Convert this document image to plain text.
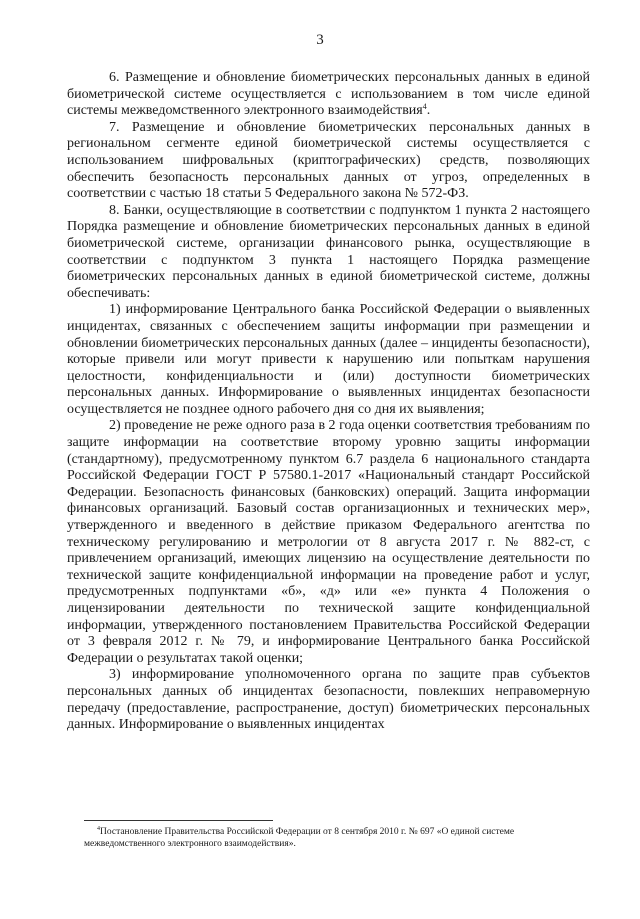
3

6. Размещение и обновление биометрических персональных данных в единой биометрической системе осуществляется с использованием в том числе единой системы межведомственного электронного взаимодействия$^4$.

7. Размещение и обновление биометрических персональных данных в региональном сегменте единой биометрической системы осуществляется с использованием шифровальных (криптографических) средств, позволяющих обеспечить безопасность персональных данных от угроз, определенных в соответствии с частью 18 статьи 5 Федерального закона № 572-ФЗ.

8. Банки, осуществляющие в соответствии с подпунктом 1 пункта 2 настоящего Порядка размещение и обновление биометрических персональных данных в единой биометрической системе, организации финансового рынка, осуществляющие в соответствии с подпунктом 3 пункта 1 настоящего Порядка размещение биометрических персональных данных в единой биометрической системе, должны обеспечивать:

1) информирование Центрального банка Российской Федерации о выявленных инцидентах, связанных с обеспечением защиты информации при размещении и обновлении биометрических персональных данных (далее – инциденты безопасности), которые привели или могут привести к нарушению или попыткам нарушения целостности, конфиденциальности и (или) доступности биометрических персональных данных. Информирование о выявленных инцидентах безопасности осуществляется не позднее одного рабочего дня со дня их выявления;

2) проведение не реже одного раза в 2 года оценки соответствия требованиям по защите информации на соответствие второму уровню защиты информации (стандартному), предусмотренному пунктом 6.7 раздела 6 национального стандарта Российской Федерации ГОСТ Р 57580.1-2017 «Национальный стандарт Российской Федерации. Безопасность финансовых (банковских) операций. Защита информации финансовых организаций. Базовый состав организационных и технических мер», утвержденного и введенного в действие приказом Федерального агентства по техническому регулированию и метрологии от 8 августа 2017 г. № 882-ст, с привлечением организаций, имеющих лицензию на осуществление деятельности по технической защите конфиденциальной информации на проведение работ и услуг, предусмотренных подпунктами «б», «д» или «е» пункта 4 Положения о лицензировании деятельности по технической защите конфиденциальной информации, утвержденного постановлением Правительства Российской Федерации от 3 февраля 2012 г. № 79, и информирование Центрального банка Российской Федерации о результатах такой оценки;

3) информирование уполномоченного органа по защите прав субъектов персональных данных об инцидентах безопасности, повлекших неправомерную передачу (предоставление, распространение, доступ) биометрических персональных данных. Информирование о выявленных инцидентах

$^4$Постановление Правительства Российской Федерации от 8 сентября 2010 г. № 697 «О единой системе межведомственного электронного взаимодействия».
